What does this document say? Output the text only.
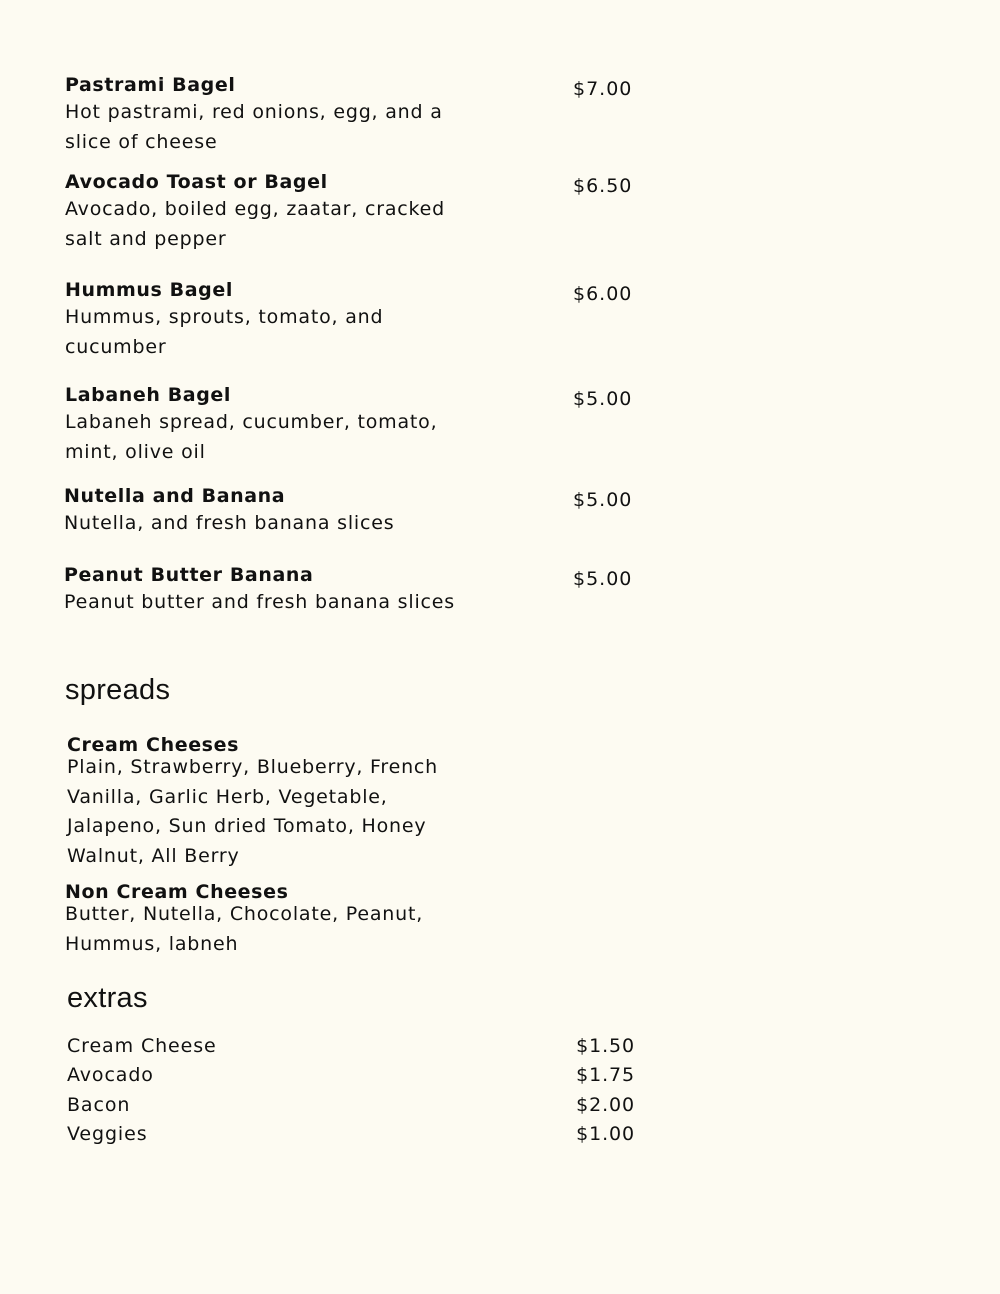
Pastrami Bagel
Hot pastrami, red onions, egg, and a slice of cheese
$7.00
Avocado Toast or Bagel
Avocado, boiled egg, zaatar, cracked salt and pepper
$6.50
Hummus Bagel
Hummus, sprouts, tomato, and cucumber
$6.00
Labaneh Bagel
Labaneh spread, cucumber, tomato, mint, olive oil
$5.00
Nutella and Banana
Nutella, and fresh banana slices
$5.00
Peanut Butter Banana
Peanut butter and fresh banana slices
$5.00
spreads
Cream Cheeses
Plain, Strawberry, Blueberry, French Vanilla, Garlic Herb, Vegetable, Jalapeno, Sun dried Tomato, Honey Walnut, All Berry
Non Cream Cheeses
Butter, Nutella, Chocolate, Peanut, Hummus, labneh
extras
Cream Cheese	$1.50
Avocado	$1.75
Bacon	$2.00
Veggies	$1.00
